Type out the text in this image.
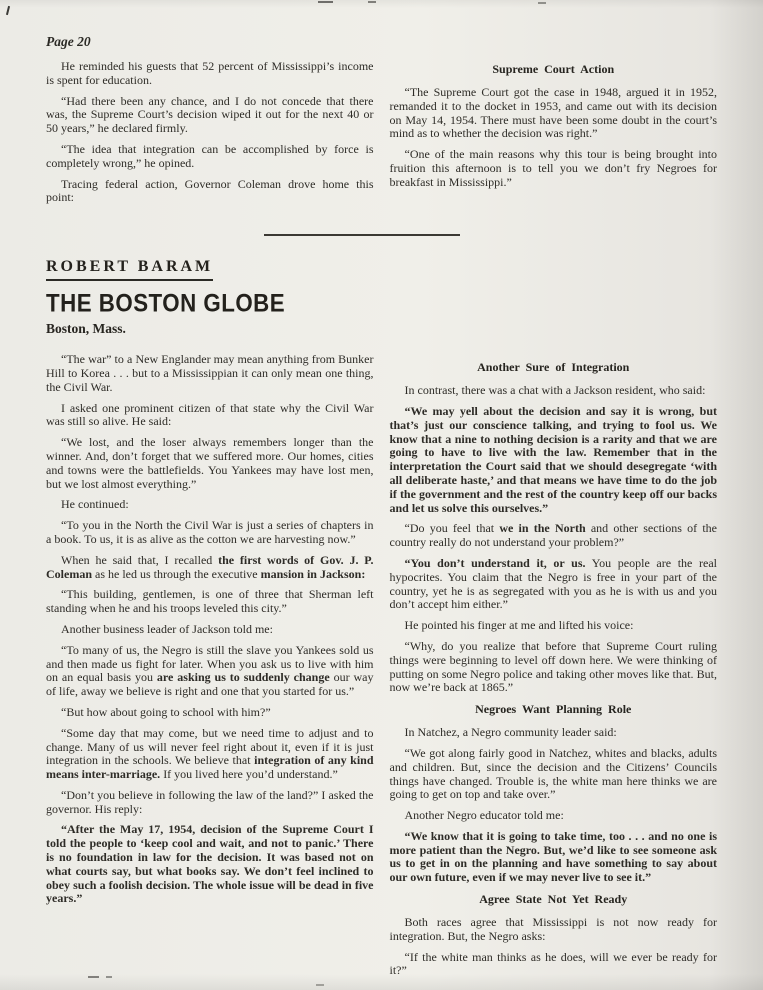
Page 20

He reminded his guests that 52 percent of Mississippi’s income is spent for education.

“Had there been any chance, and I do not concede that there was, the Supreme Court’s decision wiped it out for the next 40 or 50 years,” he declared firmly.

“The idea that integration can be accomplished by force is completely wrong,” he opined.

Tracing federal action, Governor Coleman drove home this point:

Supreme Court Action

“The Supreme Court got the case in 1948, argued it in 1952, remanded it to the docket in 1953, and came out with its decision on May 14, 1954. There must have been some doubt in the court’s mind as to whether the decision was right.”

“One of the main reasons why this tour is being brought into fruition this afternoon is to tell you we don’t fry Negroes for breakfast in Mississippi.”

ROBERT BARAM
THE BOSTON GLOBE
Boston, Mass.

“The war” to a New Englander may mean anything from Bunker Hill to Korea . . . but to a Mississippian it can only mean one thing, the Civil War.

I asked one prominent citizen of that state why the Civil War was still so alive. He said:

“We lost, and the loser always remembers longer than the winner. And, don’t forget that we suffered more. Our homes, cities and towns were the battlefields. You Yankees may have lost men, but we lost almost everything.”

He continued:

“To you in the North the Civil War is just a series of chapters in a book. To us, it is as alive as the cotton we are harvesting now.”

When he said that, I recalled the first words of Gov. J. P. Coleman as he led us through the executive mansion in Jackson:

“This building, gentlemen, is one of three that Sherman left standing when he and his troops leveled this city.”

Another business leader of Jackson told me:

“To many of us, the Negro is still the slave you Yankees sold us and then made us fight for later. When you ask us to live with him on an equal basis you are asking us to suddenly change our way of life, away we believe is right and one that you started for us.”

“But how about going to school with him?”

“Some day that may come, but we need time to adjust and to change. Many of us will never feel right about it, even if it is just integration in the schools. We believe that integration of any kind means inter-marriage. If you lived here you’d understand.”

“Don’t you believe in following the law of the land?” I asked the governor. His reply:

“After the May 17, 1954, decision of the Supreme Court I told the people to ‘keep cool and wait, and not to panic.’ There is no foundation in law for the decision. It was based not on what courts say, but what books say. We don’t feel inclined to obey such a foolish decision. The whole issue will be dead in five years.”

Another Sure of Integration

In contrast, there was a chat with a Jackson resident, who said:

“We may yell about the decision and say it is wrong, but that’s just our conscience talking, and trying to fool us. We know that a nine to nothing decision is a rarity and that we are going to have to live with the law. Remember that in the interpretation the Court said that we should desegregate ‘with all deliberate haste,’ and that means we have time to do the job if the government and the rest of the country keep off our backs and let us solve this ourselves.”

“Do you feel that we in the North and other sections of the country really do not understand your problem?”

“You don’t understand it, or us. You people are the real hypocrites. You claim that the Negro is free in your part of the country, yet he is as segregated with you as he is with us and you don’t accept him either.”

He pointed his finger at me and lifted his voice:

“Why, do you realize that before that Supreme Court ruling things were beginning to level off down here. We were thinking of putting on some Negro police and taking other moves like that. But, now we’re back at 1865.”

Negroes Want Planning Role

In Natchez, a Negro community leader said:

“We got along fairly good in Natchez, whites and blacks, adults and children. But, since the decision and the Citizens’ Councils things have changed. Trouble is, the white man here thinks we are going to get on top and take over.”

Another Negro educator told me:

“We know that it is going to take time, too . . . and no one is more patient than the Negro. But, we’d like to see someone ask us to get in on the planning and have something to say about our own future, even if we may never live to see it.”

Agree State Not Yet Ready

Both races agree that Mississippi is not now ready for integration. But, the Negro asks:

“If the white man thinks as he does, will we ever be ready for it?”
